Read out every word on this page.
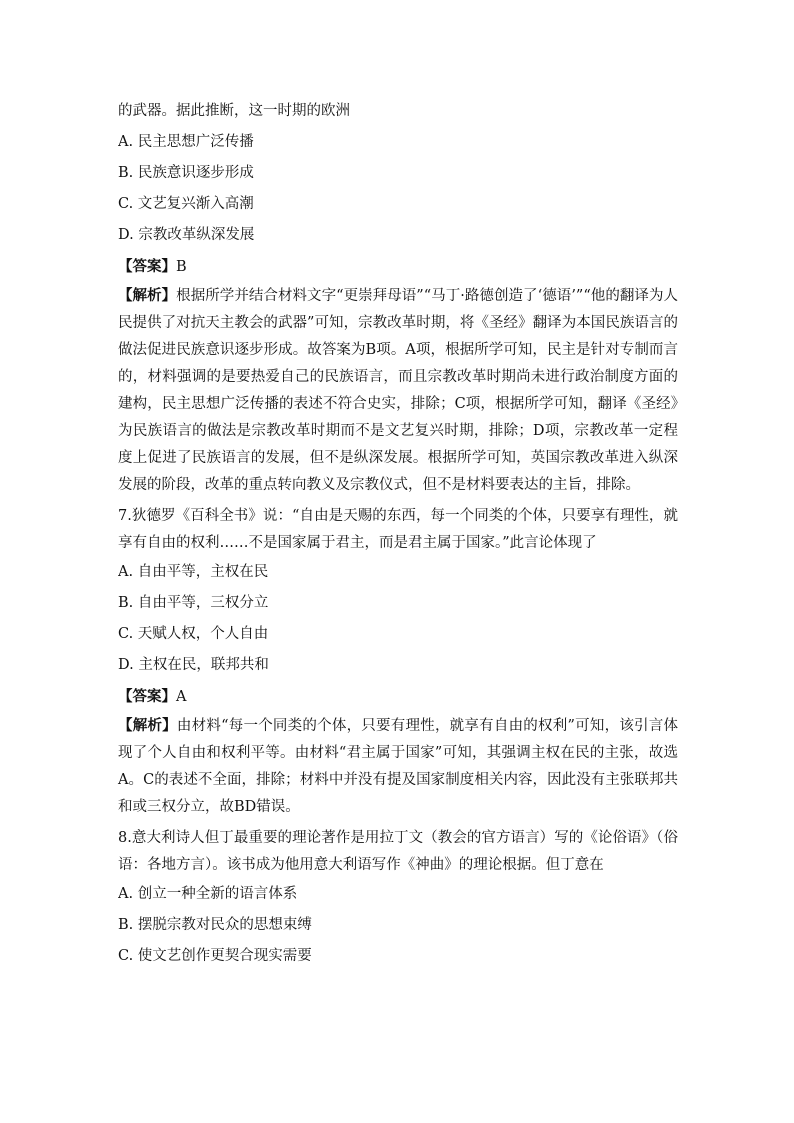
的武器。据此推断，这一时期的欧洲
A. 民主思想广泛传播
B. 民族意识逐步形成
C. 文艺复兴渐入高潮
D. 宗教改革纵深发展
【答案】B

【解析】根据所学并结合材料文字“更崇拜母语”“马丁·路德创造了‘德语’”“他的翻译为人民提供了对抗天主教会的武器”可知，宗教改革时期，将《圣经》翻译为本国民族语言的做法促进民族意识逐步形成。故答案为B项。A项，根据所学可知，民主是针对专制而言的，材料强调的是要热爱自己的民族语言，而且宗教改革时期尚未进行政治制度方面的建构，民主思想广泛传播的表述不符合史实，排除；C项，根据所学可知，翻译《圣经》为民族语言的做法是宗教改革时期而不是文艺复兴时期，排除；D项，宗教改革一定程度上促进了民族语言的发展，但不是纵深发展。根据所学可知，英国宗教改革进入纵深发展的阶段，改革的重点转向教义及宗教仪式，但不是材料要表达的主旨，排除。

7.狄德罗《百科全书》说：“自由是天赐的东西，每一个同类的个体，只要享有理性，就享有自由的权利……不是国家属于君主，而是君主属于国家。”此言论体现了

A. 自由平等，主权在民
B. 自由平等，三权分立
C. 天赋人权，个人自由
D. 主权在民，联邦共和
【答案】A

【解析】由材料“每一个同类的个体，只要有理性，就享有自由的权利”可知，该引言体现了个人自由和权利平等。由材料“君主属于国家”可知，其强调主权在民的主张，故选A。C的表述不全面，排除；材料中并没有提及国家制度相关内容，因此没有主张联邦共和或三权分立，故BD错误。

8.意大利诗人但丁最重要的理论著作是用拉丁文（教会的官方语言）写的《论俗语》（俗语：各地方言）。该书成为他用意大利语写作《神曲》的理论根据。但丁意在

A. 创立一种全新的语言体系
B. 摆脱宗教对民众的思想束缚
C. 使文艺创作更契合现实需要
